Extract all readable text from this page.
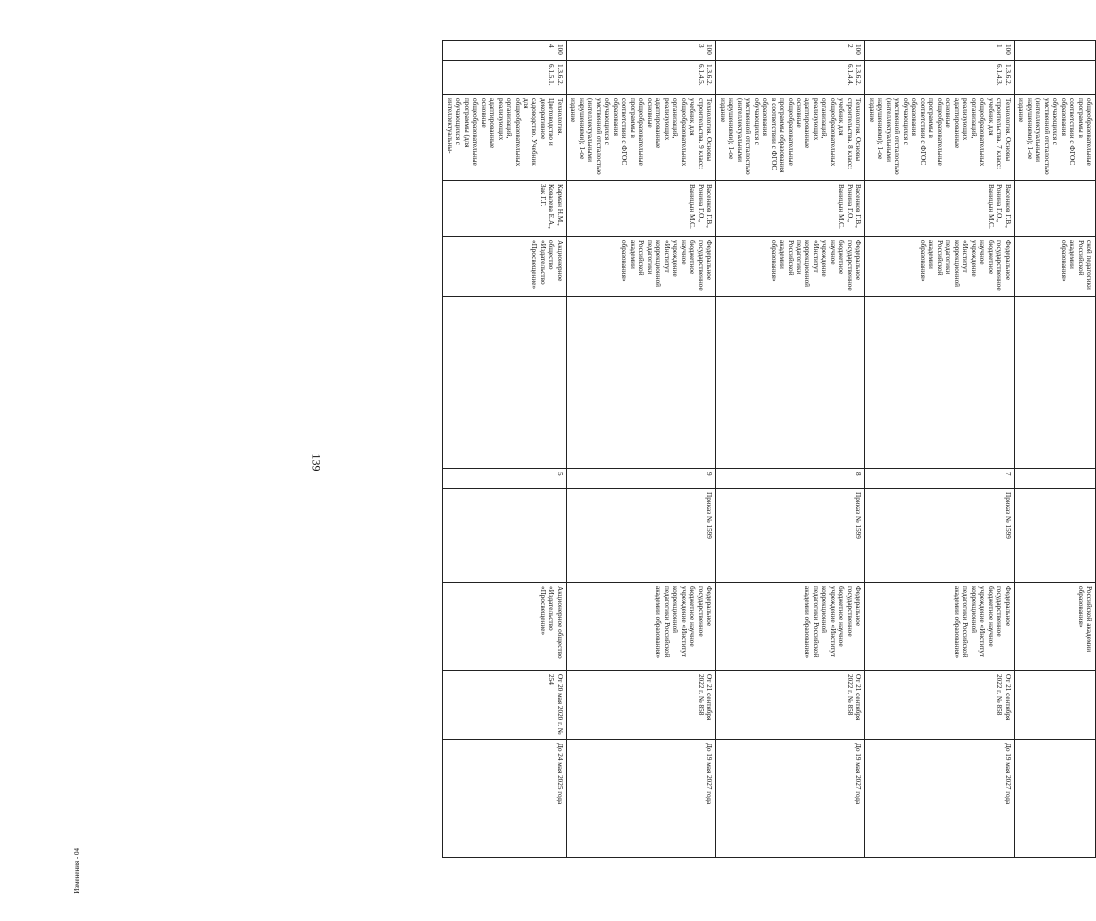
139
Изменения - 04
		общеобразовательные программы в соответствии с ФГОС образования обучающихся с умственной отсталостью (интеллектуальными нарушениями); 1-ое издание		ской педагогики Российской академии образования»				Российской академии образования»		
1001	1.3.6.2. 6.1.4.3.	Технология. Основы строительства. 7 класс: учебник для общеобразовательных организаций, реализующих адаптированные основные общеобразовательные программы в соответствии с ФГОС образования обучающихся с умственной отсталостью (интеллектуальными нарушениями); 1-ое издание	Васенков Г.В., Ронина Г.О., Ваницын М.С.	Федеральное государственное бюджетное научное учреждение «Институт коррекционной педагогики Российской академии образования»		7	Приказ № 1599	Федеральное государственное бюджетное научное учреждение «Институт коррекционной педагогики Российской академии образования»	От 21 сентября 2022 г. № 858	До 19 мая 2027 года
1002	1.3.6.2. 6.1.4.4.	Технология. Основы строительства. 8 класс: учебник для общеобразовательных организаций, реализующих адаптированные основные общеобразовательные программы образования в соответствии с ФГОС образования обучающихся с умственной отсталостью (интеллектуальными нарушениями); 1-ое издание	Васенков Г.В., Ронина Г.О., Ваницын М.С.	Федеральное государственное бюджетное научное учреждение «Институт коррекционной педагогики Российской академии образования»		8	Приказ № 1599	Федеральное государственное бюджетное научное учреждение «Институт коррекционной педагогики Российской академии образования»	От 21 сентября 2022 г. № 858	До 19 мая 2027 года
1003	1.3.6.2. 6.1.4.5.	Технология. Основы строительства. 9 класс: учебник для общеобразовательных организаций, реализующих адаптированные основные общеобразовательные программы в соответствии с ФГОС образования обучающихся с умственной отсталостью (интеллектуальными нарушениями); 1-ое издание	Васенков Г.В., Ронина Г.О., Ваницын М.С.	Федеральное государственное бюджетное научное учреждение «Институт коррекционной педагогики Российской академии образования»		9	Приказ № 1599	Федеральное государственное бюджетное научное учреждение «Институт коррекционной педагогики Российской академии образования»	От 21 сентября 2022 г. № 858	До 19 мая 2027 года
1004	1.3.6.2. 6.1.5.1.	Технология. Цветоводство и декоративное садоводство. Учебник для общеобразовательных организаций, реализующих адаптированные основные общеобразовательные программы (для обучающихся с интеллектуальны-	Карман Н.М., Ковалева Е.А., Зак Г.Г.	Акционерное общество «Издательство «Просвещение»		5		Акционерное общество «Издательство «Просвещение»	От 20 мая 2020 г. № 254	До 24 мая 2025 года
